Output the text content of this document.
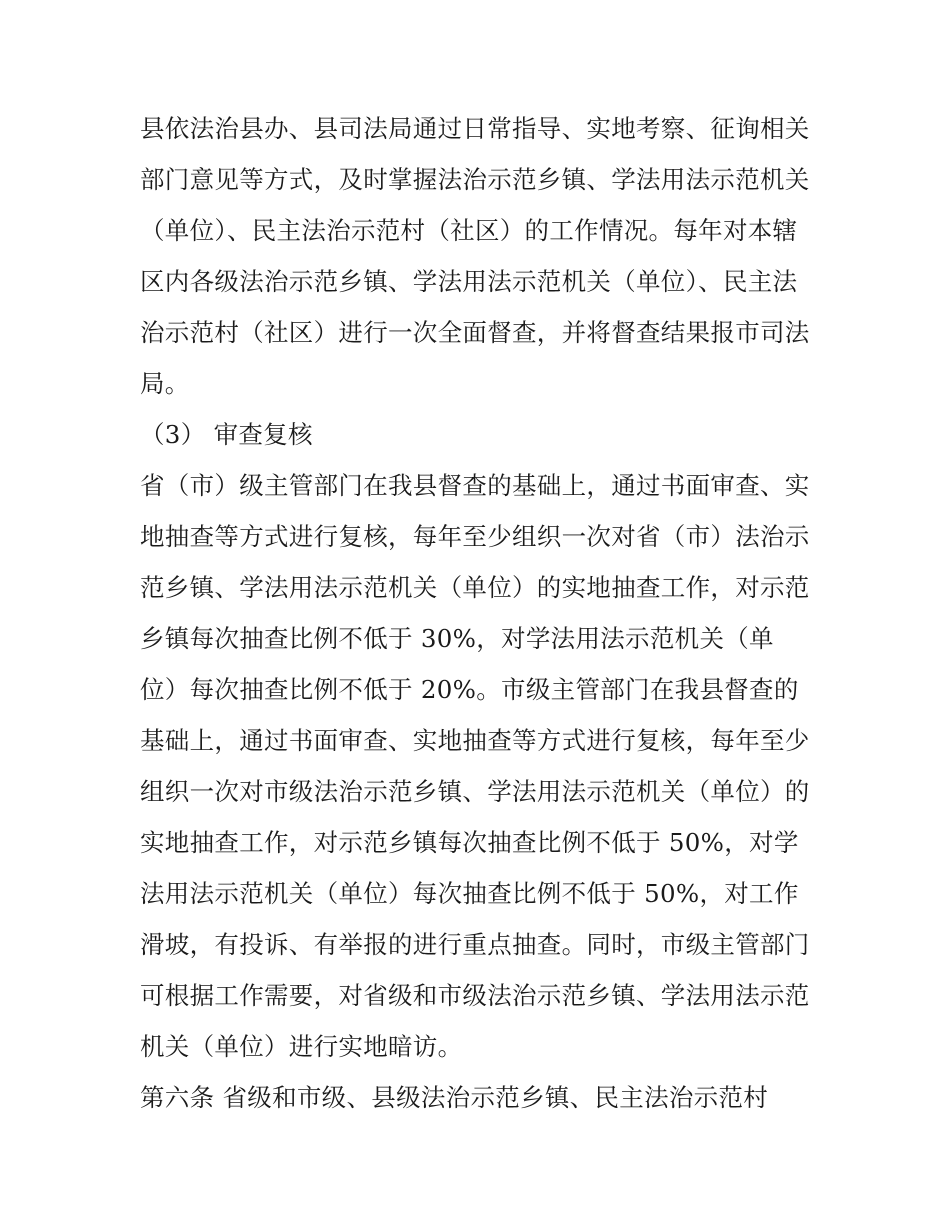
县依法治县办、县司法局通过日常指导、实地考察、征询相关
部门意见等方式，及时掌握法治示范乡镇、学法用法示范机关
（单位）、民主法治示范村（社区）的工作情况。每年对本辖
区内各级法治示范乡镇、学法用法示范机关（单位）、民主法
治示范村（社区）进行一次全面督查，并将督查结果报市司法
局。
（3） 审查复核
省（市）级主管部门在我县督查的基础上，通过书面审查、实
地抽查等方式进行复核，每年至少组织一次对省（市）法治示
范乡镇、学法用法示范机关（单位）的实地抽查工作，对示范
乡镇每次抽查比例不低于 30%，对学法用法示范机关（单
位）每次抽查比例不低于 20%。市级主管部门在我县督查的
基础上，通过书面审查、实地抽查等方式进行复核，每年至少
组织一次对市级法治示范乡镇、学法用法示范机关（单位）的
实地抽查工作，对示范乡镇每次抽查比例不低于 50%，对学
法用法示范机关（单位）每次抽查比例不低于 50%，对工作
滑坡，有投诉、有举报的进行重点抽查。同时，市级主管部门
可根据工作需要，对省级和市级法治示范乡镇、学法用法示范
机关（单位）进行实地暗访。
第六条 省级和市级、县级法治示范乡镇、民主法治示范村
